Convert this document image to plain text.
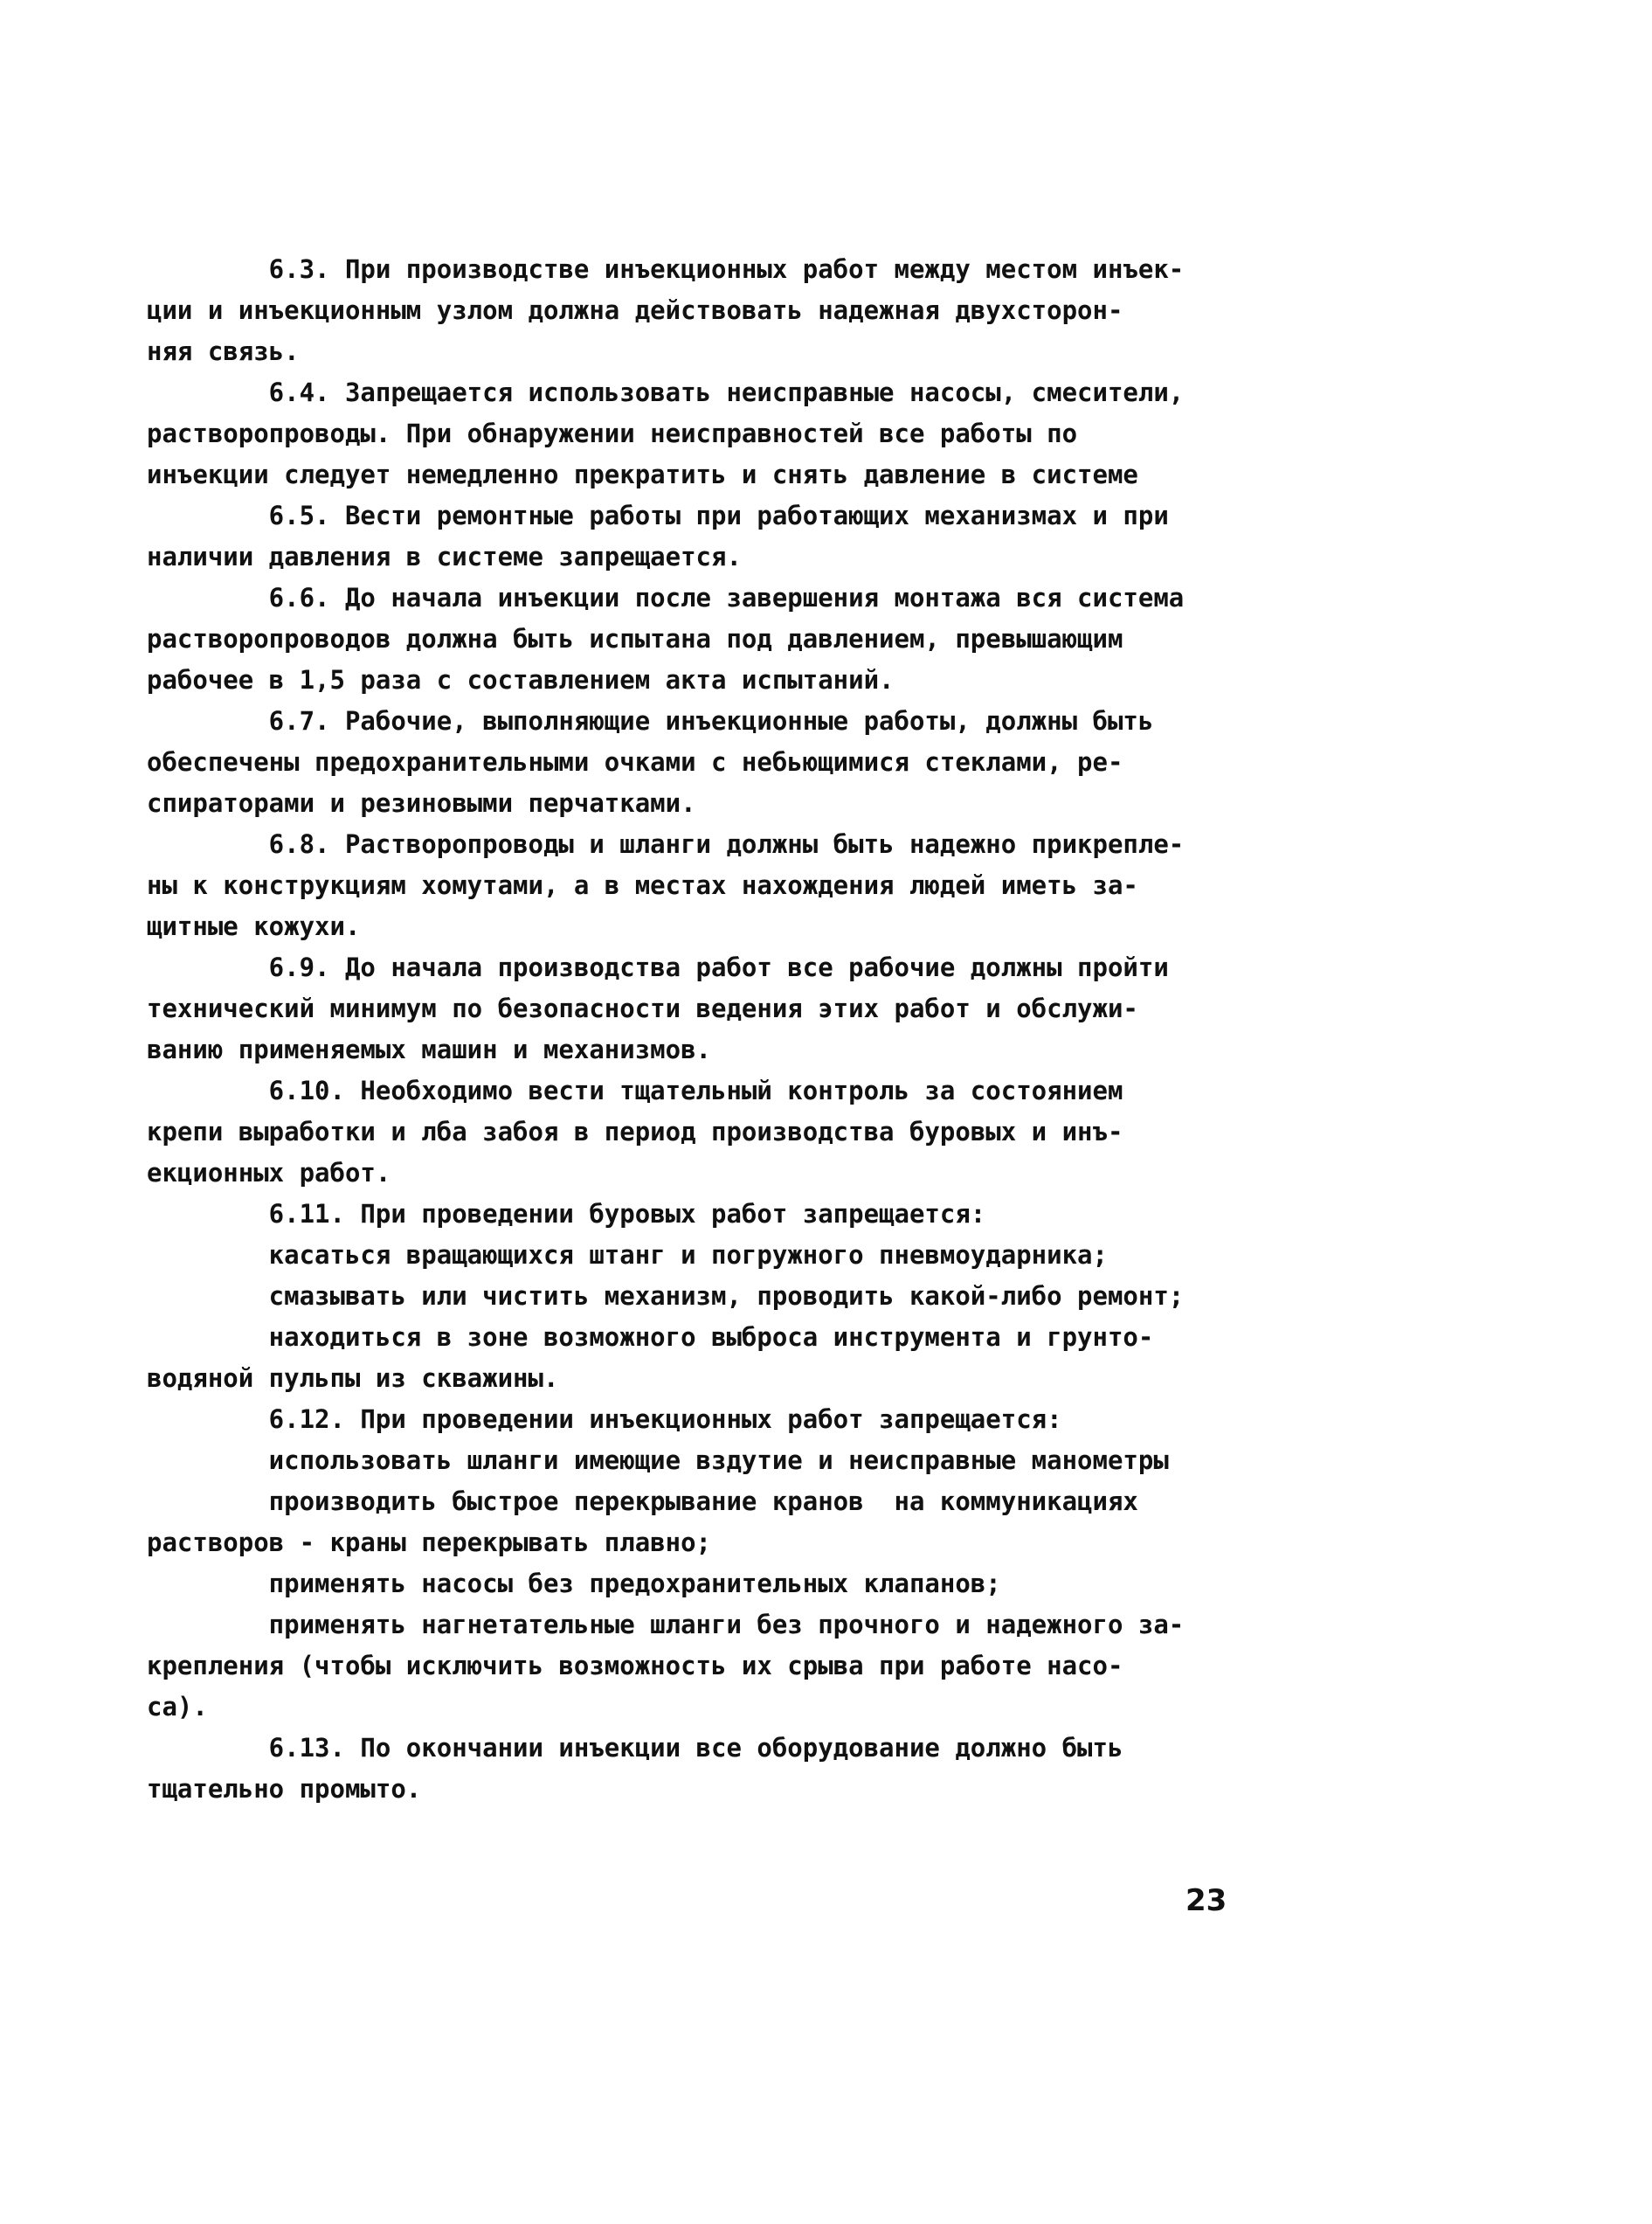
6.3. При производстве инъекционных работ между местом инъек-
ции и инъекционным узлом должна действовать надежная двухсторон-
няя связь.
6.4. Запрещается использовать неисправные насосы, смесители,
растворопроводы. При обнаружении неисправностей все работы по
инъекции следует немедленно прекратить и снять давление в системе
6.5. Вести ремонтные работы при работающих механизмах и при
наличии давления в системе запрещается.
6.6. До начала инъекции после завершения монтажа вся система
растворопроводов должна быть испытана под давлением, превышающим
рабочее в 1,5 раза с составлением акта испытаний.
6.7. Рабочие, выполняющие инъекционные работы, должны быть
обеспечены предохранительными очками с небьющимися стеклами, ре-
спираторами и резиновыми перчатками.
6.8. Растворопроводы и шланги должны быть надежно прикрепле-
ны к конструкциям хомутами, а в местах нахождения людей иметь за-
щитные кожухи.
6.9. До начала производства работ все рабочие должны пройти
технический минимум по безопасности ведения этих работ и обслужи-
ванию применяемых машин и механизмов.
6.10. Необходимо вести тщательный контроль за состоянием
крепи выработки и лба забоя в период производства буровых и инъ-
екционных работ.
6.11. При проведении буровых работ запрещается:
касаться вращающихся штанг и погружного пневмоударника;
смазывать или чистить механизм, проводить какой-либо ремонт;
находиться в зоне возможного выброса инструмента и грунто-
водяной пульпы из скважины.
6.12. При проведении инъекционных работ запрещается:
использовать шланги имеющие вздутие и неисправные манометры
производить быстрое перекрывание кранов  на коммуникациях
растворов - краны перекрывать плавно;
применять насосы без предохранительных клапанов;
применять нагнетательные шланги без прочного и надежного за-
крепления (чтобы исключить возможность их срыва при работе насо-
са).
6.13. По окончании инъекции все оборудование должно быть
тщательно промыто.
23
